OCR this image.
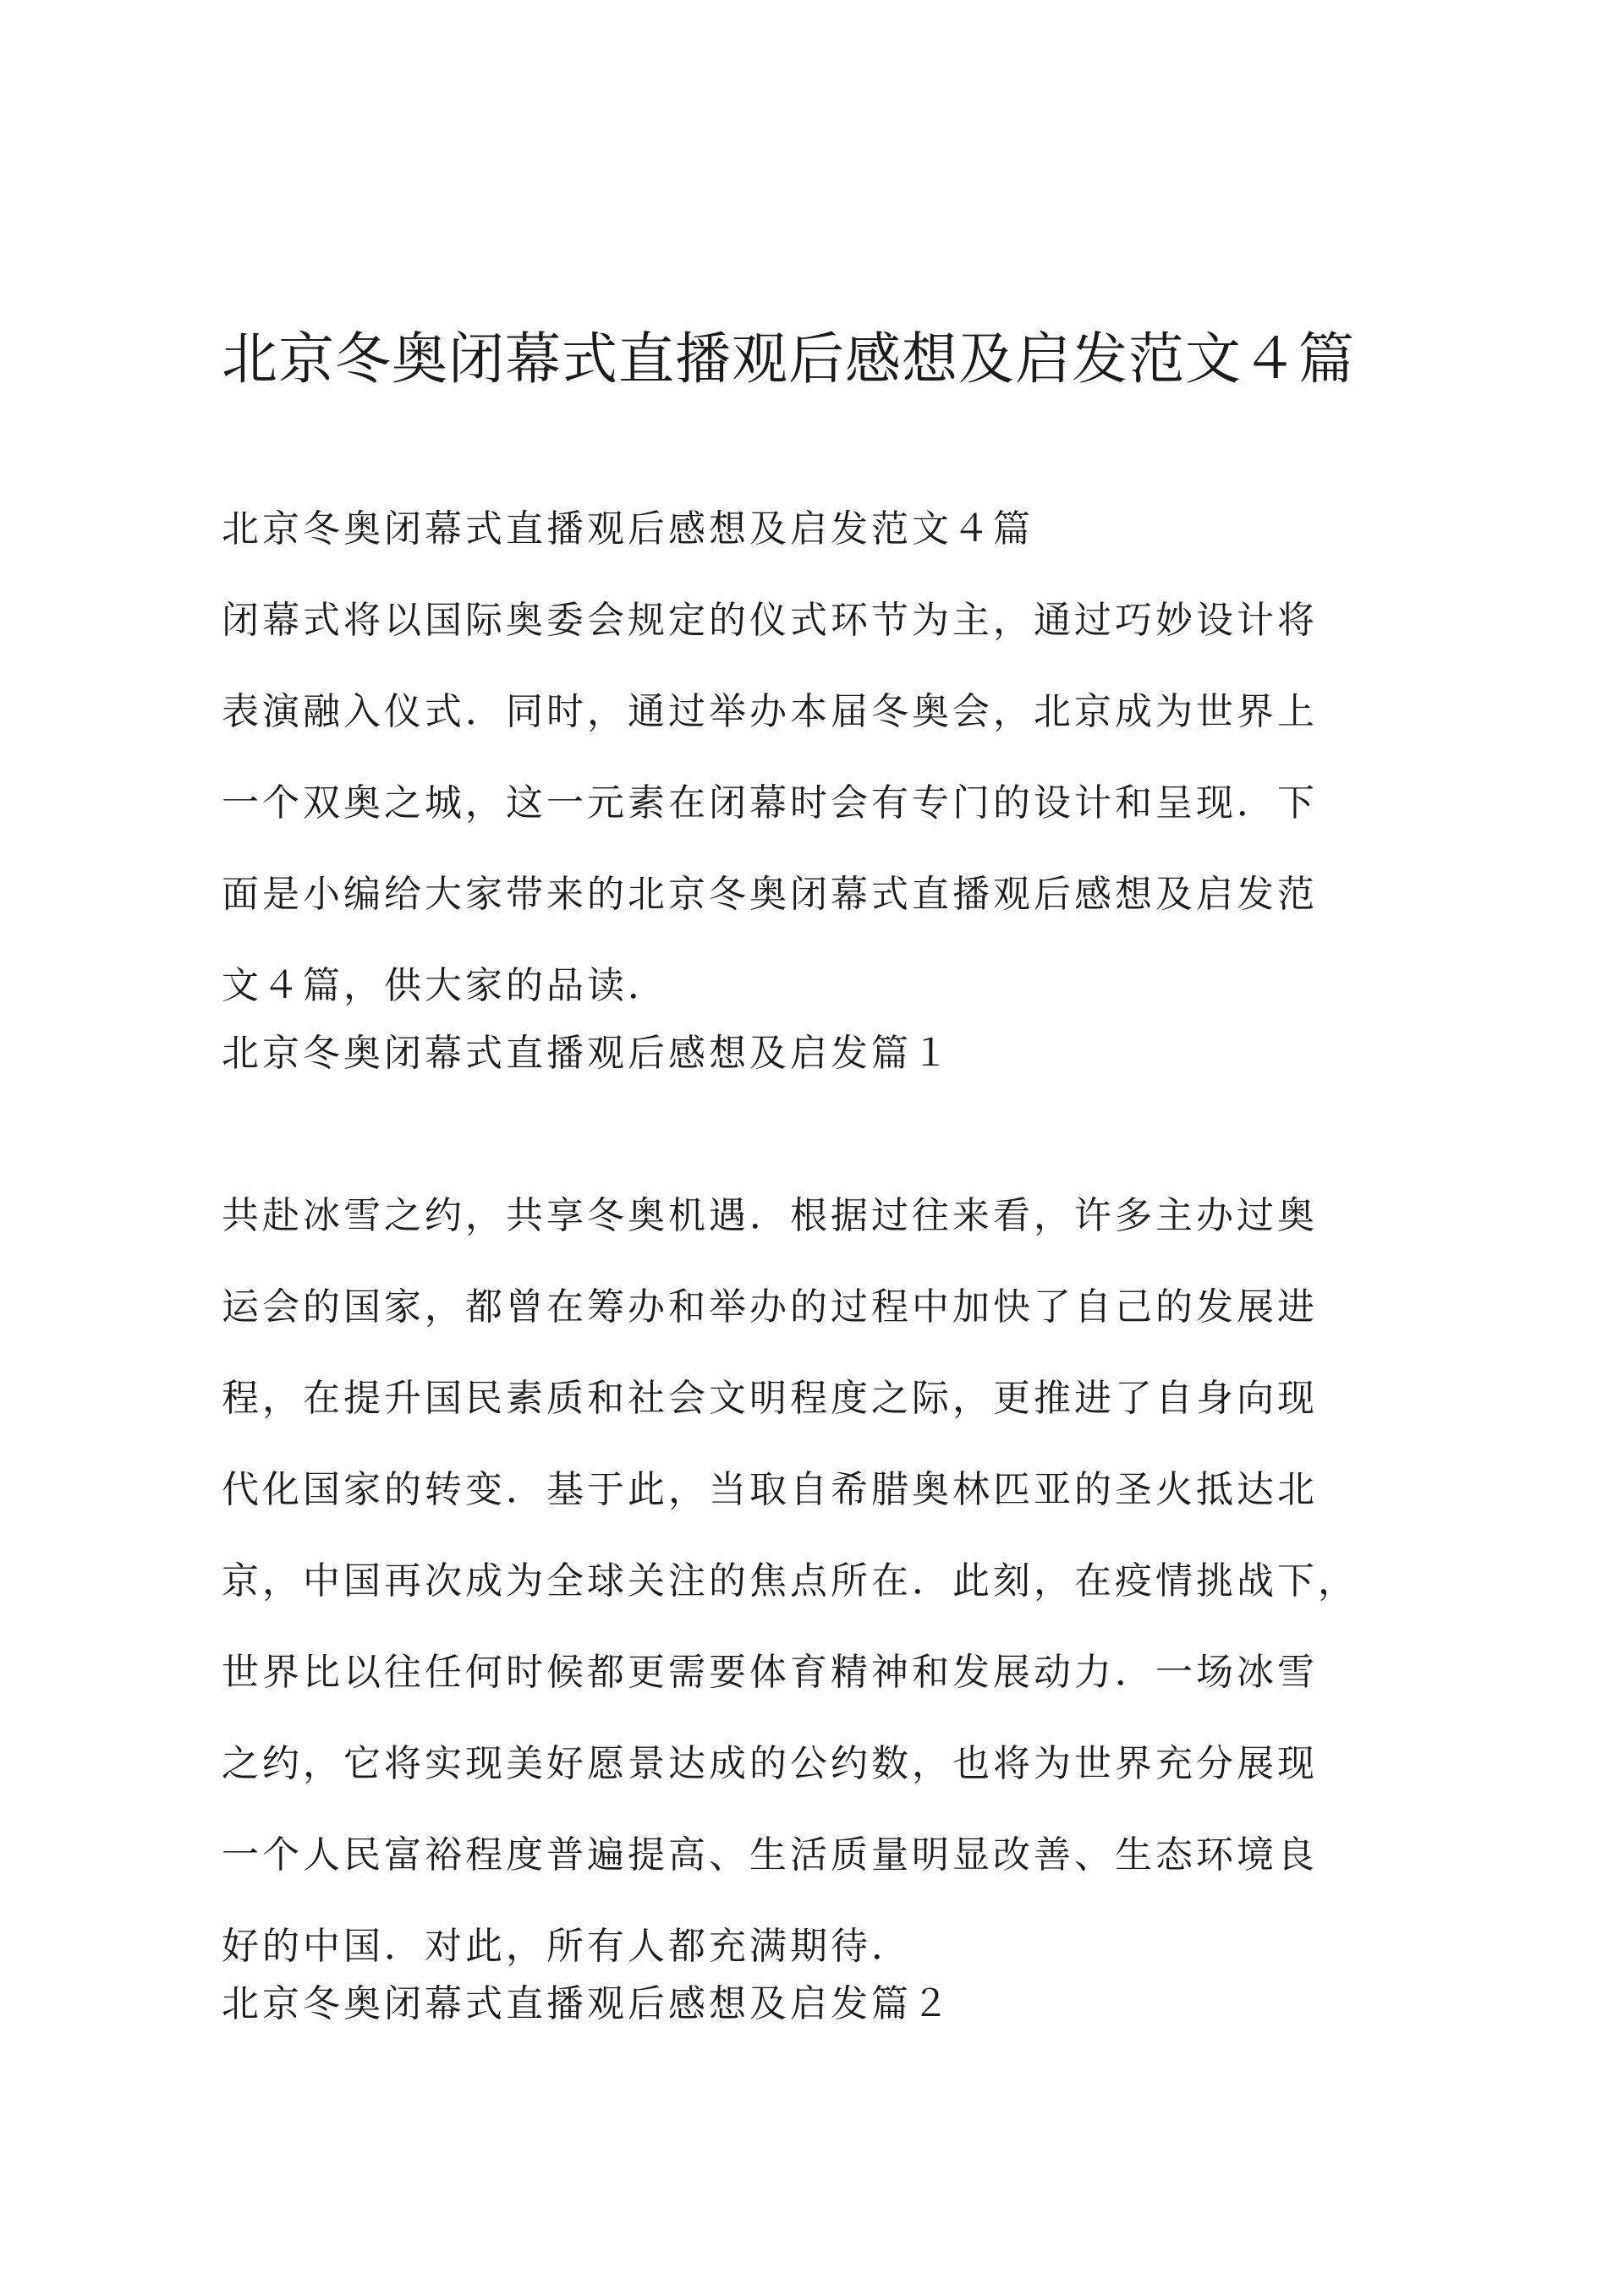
北京冬奥闭幕式直播观后感想及启发范文４篇
北京冬奥闭幕式直播观后感想及启发范文４篇
闭幕式将以国际奥委会规定的仪式环节为主，通过巧妙设计将
表演融入仪式．同时，通过举办本届冬奥会，北京成为世界上
一个双奥之城，这一元素在闭幕时会有专门的设计和呈现．下
面是小编给大家带来的北京冬奥闭幕式直播观后感想及启发范
文４篇，供大家的品读．
北京冬奥闭幕式直播观后感想及启发篇１
共赴冰雪之约，共享冬奥机遇．根据过往来看，许多主办过奥
运会的国家，都曾在筹办和举办的过程中加快了自己的发展进
程，在提升国民素质和社会文明程度之际，更推进了自身向现
代化国家的转变．基于此，当取自希腊奥林匹亚的圣火抵达北
京，中国再次成为全球关注的焦点所在．此刻，在疫情挑战下，
世界比以往任何时候都更需要体育精神和发展动力．一场冰雪
之约，它将实现美好愿景达成的公约数，也将为世界充分展现
一个人民富裕程度普遍提高、生活质量明显改善、生态环境良
好的中国．对此，所有人都充满期待．
北京冬奥闭幕式直播观后感想及启发篇２
